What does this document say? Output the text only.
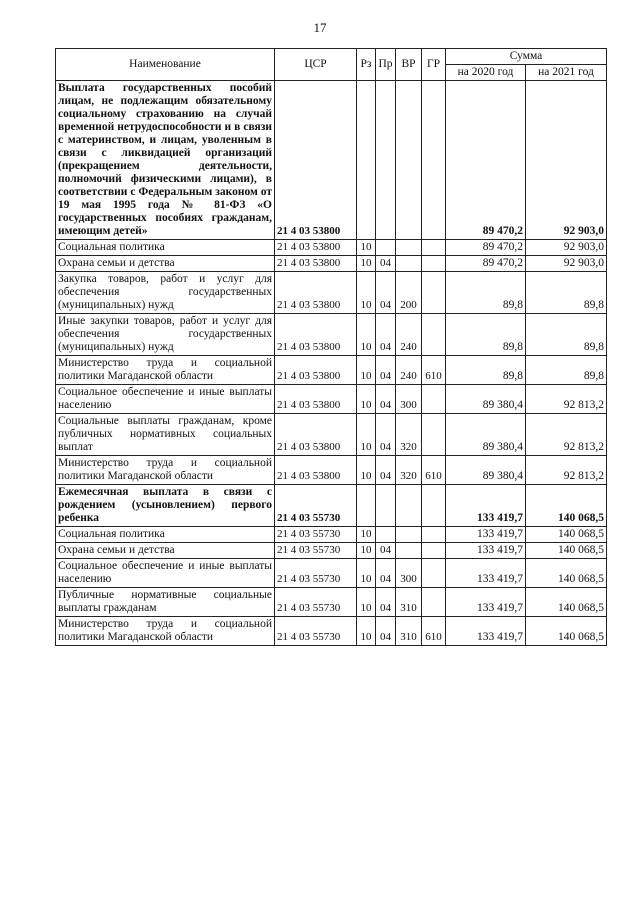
17
Наименование	ЦСР	Рз	Пр	ВР	ГР	Сумма	
						на 2020 год	на 2021 год
Выплата государственных пособий лицам, не подлежащим обязательному социальному страхованию на случай временной нетрудоспособности и в связи с материнством, и лицам, уволенным в связи с ликвидацией организаций (прекращением деятельности, полномочий физическими лицами), в соответствии с Федеральным законом от 19 мая 1995 года № 81-ФЗ «О государственных пособиях гражданам, имеющим детей»	21 4 03 53800					89 470,2	92 903,0
Социальная политика	21 4 03 53800	10				89 470,2	92 903,0
Охрана семьи и детства	21 4 03 53800	10	04			89 470,2	92 903,0
Закупка товаров, работ и услуг для обеспечения государственных (муниципальных) нужд	21 4 03 53800	10	04	200		89,8	89,8
Иные закупки товаров, работ и услуг для обеспечения государственных (муниципальных) нужд	21 4 03 53800	10	04	240		89,8	89,8
Министерство труда и социальной политики Магаданской области	21 4 03 53800	10	04	240	610	89,8	89,8
Социальное обеспечение и иные выплаты населению	21 4 03 53800	10	04	300		89 380,4	92 813,2
Социальные выплаты гражданам, кроме публичных нормативных социальных выплат	21 4 03 53800	10	04	320		89 380,4	92 813,2
Министерство труда и социальной политики Магаданской области	21 4 03 53800	10	04	320	610	89 380,4	92 813,2
Ежемесячная выплата в связи с рождением (усыновлением) первого ребенка	21 4 03 55730					133 419,7	140 068,5
Социальная политика	21 4 03 55730	10				133 419,7	140 068,5
Охрана семьи и детства	21 4 03 55730	10	04			133 419,7	140 068,5
Социальное обеспечение и иные выплаты населению	21 4 03 55730	10	04	300		133 419,7	140 068,5
Публичные нормативные социальные выплаты гражданам	21 4 03 55730	10	04	310		133 419,7	140 068,5
Министерство труда и социальной политики Магаданской области	21 4 03 55730	10	04	310	610	133 419,7	140 068,5
